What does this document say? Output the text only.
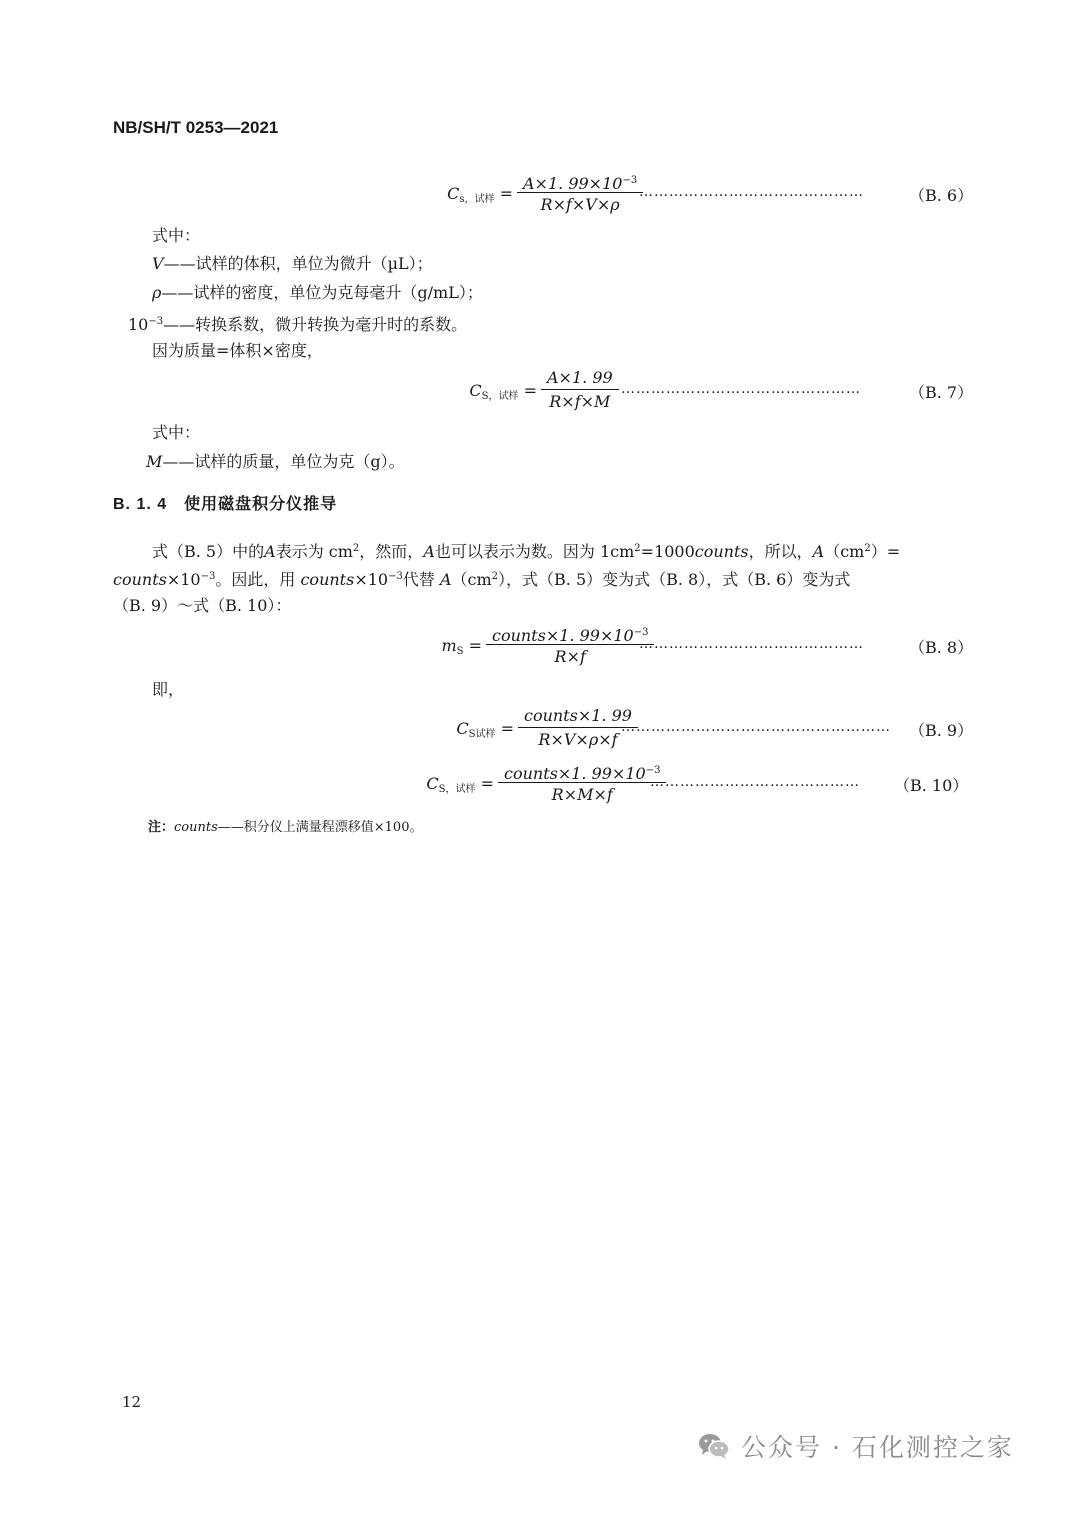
NB/SH/T 0253—2021
$C_{s,试样}$ =
A×1. $99\times 10^{-3}$
R×f×V×ρ
………………………………………	（B. 6）
式中：
V——试样的体积，单位为微升（µL）；
ρ——试样的密度，单位为克每毫升（g/mL）；
$10^{-3}——$转换系数，微升转换为毫升时的系数。
因为质量=体积×密度，
$C_{S,试样}$ =
A×1. 99
R×f×M
…………………………………………	（B. 7）
式中：
M——试样的质量，单位为克（g）。
B. 1. 4　使用磁盘积分仪推导
式（B. 5）中的A表示为 $cm^2$，然而，A也可以表示为数。因为 $1cm^2=1000counts$，所以，$A(cm^2)=$
$counts\times 10^{-3}$。因此，用 $counts\times 10^{-3}$代替 $A(cm^2)$，式（B. 5）变为式（B. 8），式（B. 6）变为式
（B. 9）～式（B. 10）：
$m_S$ =
counts×1. $99\times 10^{-3}$
R×f
………………………………………	（B. 8）
即，
$C_{S试样}$ =
counts×1. 99
R×V×ρ×f
……………………………………………… （B. 9）
$C_{S,试样}$ =
counts×1. $99\times 10^{-3}$
R×M×f
…………………………………… （B. 10）
注：counts——积分仪上满量程漂移值×100。
12
公众号 · 石化测控之家
